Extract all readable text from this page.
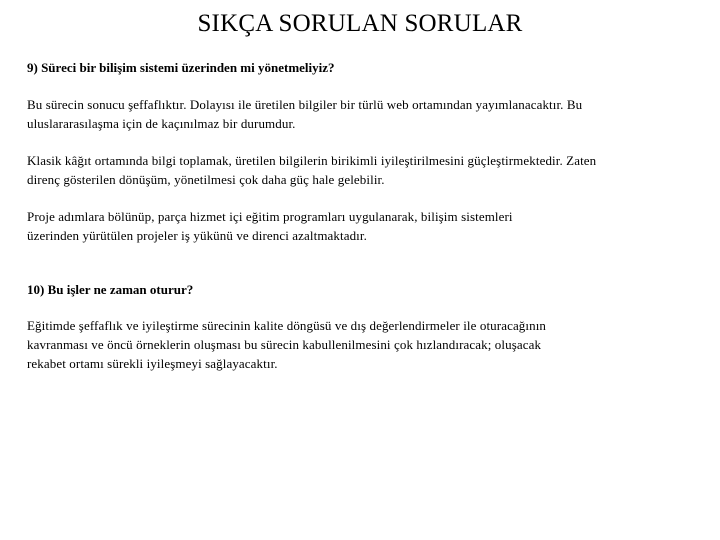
SIKÇA SORULAN SORULAR

9) Süreci bir bilişim sistemi üzerinden mi yönetmeliyiz?

Bu sürecin sonucu şeffaflıktır. Dolayısı ile üretilen bilgiler bir türlü web ortamından yayımlanacaktır. Bu
uluslararasılaşma için de kaçınılmaz bir durumdur.

Klasik kâğıt ortamında bilgi toplamak, üretilen bilgilerin birikimli iyileştirilmesini güçleştirmektedir. Zaten
direnç gösterilen dönüşüm, yönetilmesi çok daha güç hale gelebilir.

Proje adımlara bölünüp, parça hizmet içi eğitim programları uygulanarak, bilişim sistemleri
üzerinden yürütülen projeler iş yükünü ve direnci azaltmaktadır.

10) Bu işler ne zaman oturur?

Eğitimde şeffaflık ve iyileştirme sürecinin kalite döngüsü ve dış değerlendirmeler ile oturacağının
kavranması ve öncü örneklerin oluşması bu sürecin kabullenilmesini çok hızlandıracak; oluşacak
rekabet ortamı sürekli iyileşmeyi sağlayacaktır.
